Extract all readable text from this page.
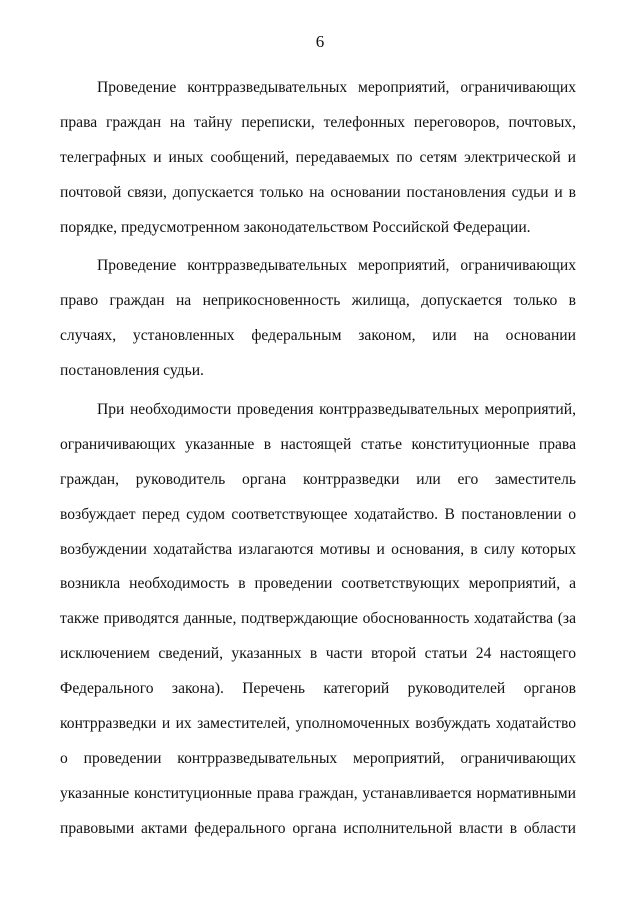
6
Проведение контрразведывательных мероприятий, ограничивающих
права граждан на тайну переписки, телефонных переговоров, почтовых,
телеграфных и иных сообщений, передаваемых по сетям электрической и
почтовой связи, допускается только на основании постановления судьи и в
порядке, предусмотренном законодательством Российской Федерации.
Проведение контрразведывательных мероприятий, ограничивающих
право граждан на неприкосновенность жилища, допускается только в
случаях, установленных федеральным законом, или на основании
постановления судьи.
При необходимости проведения контрразведывательных мероприятий,
ограничивающих указанные в настоящей статье конституционные права
граждан, руководитель органа контрразведки или его заместитель
возбуждает перед судом соответствующее ходатайство. В постановлении о
возбуждении ходатайства излагаются мотивы и основания, в силу которых
возникла необходимость в проведении соответствующих мероприятий, а
также приводятся данные, подтверждающие обоснованность ходатайства (за
исключением сведений, указанных в части второй статьи 24 настоящего
Федерального закона). Перечень категорий руководителей органов
контрразведки и их заместителей, уполномоченных возбуждать ходатайство
о проведении контрразведывательных мероприятий, ограничивающих
указанные конституционные права граждан, устанавливается нормативными
правовыми актами федерального органа исполнительной власти в области
